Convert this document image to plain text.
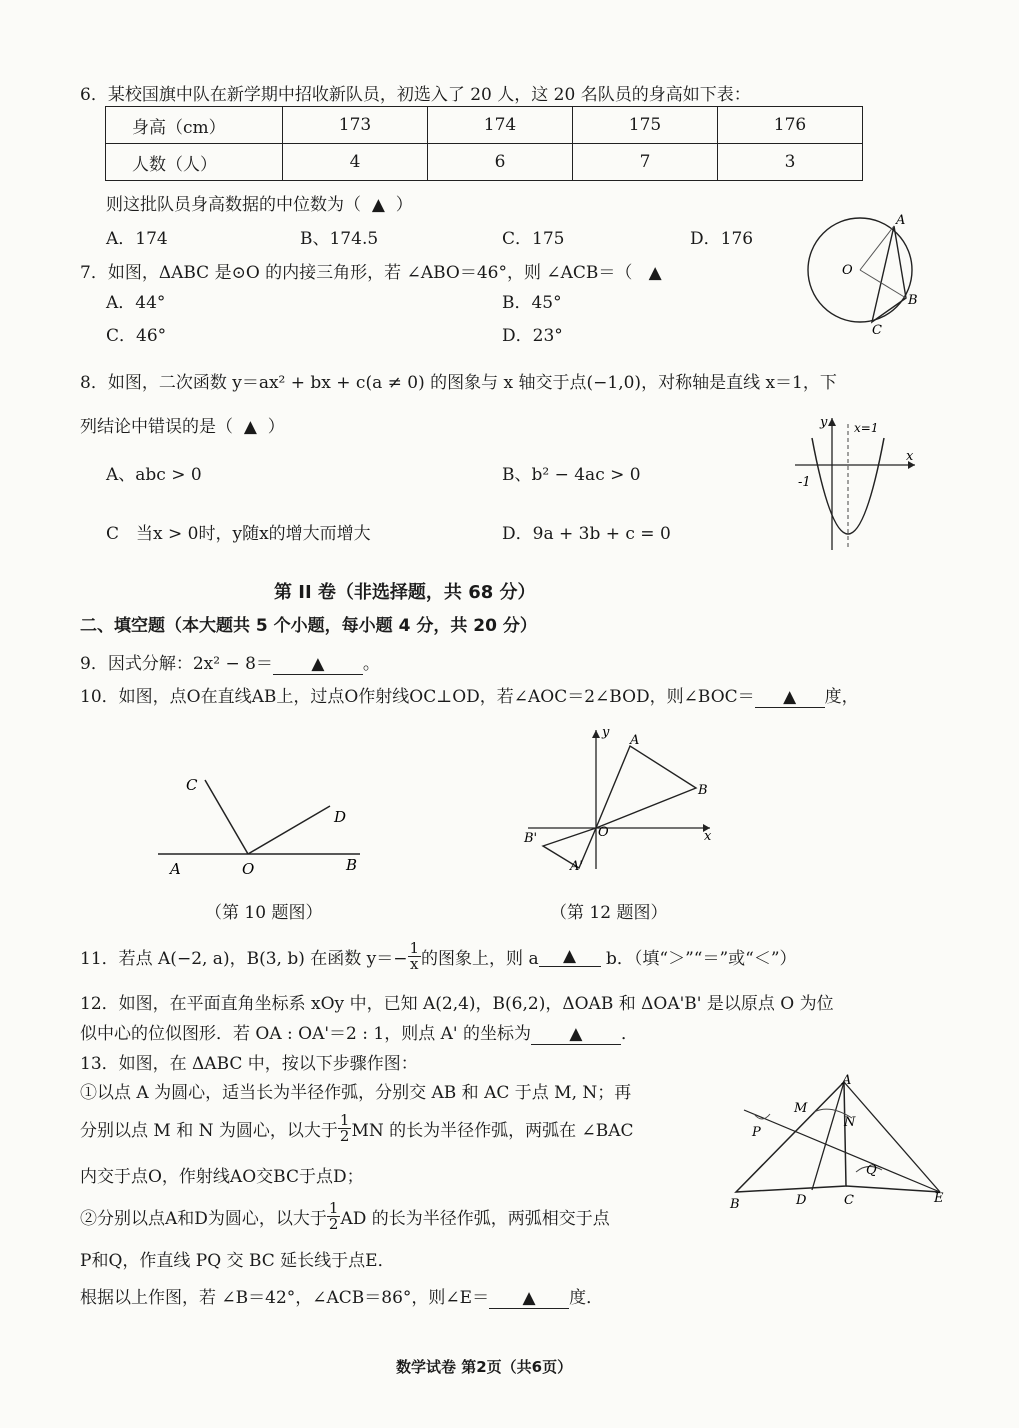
6．某校国旗中队在新学期中招收新队员，初选入了 20 人，这 20 名队员的身高如下表：
身高（cm）	173	174	175	176
人数（人）	4	6	7	3
则这批队员身高数据的中位数为（ ▲ ）
A．174	B、174.5	C．175	D．176
7．如图，ΔABC 是⊙O 的内接三角形，若 ∠ABO＝46°，则 ∠ACB＝（ ▲
A．44°	B．45°
C．46°	D．23°
A
O
B
C
8．如图，二次函数 y＝ax² + bx + c(a ≠ 0) 的图象与 x 轴交于点(−1,0)，对称轴是直线 x＝1，下
列结论中错误的是（ ▲ ）
A、abc > 0	B、b² − 4ac > 0
C　当x > 0时，y随x的增大而增大	D．9a + 3b + c = 0
y x=1
x
-1
第 II 卷（非选择题，共 68 分）
二、填空题（本大题共 5 个小题，每小题 4 分，共 20 分）
9．因式分解：2x² − 8＝ ▲ 。
10．如图，点O在直线AB上，过点O作射线OC⊥OD，若∠AOC＝2∠BOD，则∠BOC＝ ▲ 度，
C
D
A	O	B
（第 10 题图）
y
A
B
O	x
B'
A'
（第 12 题图）
11．若点 A(−2, a)，B(3, b) 在函数 $y=- \frac{1}{x}$ 的图象上，则 a	▲
	b．（填“＞”“＝”或“＜”）
12．如图，在平面直角坐标系 xOy 中，已知 A(2,4)，B(6,2)，ΔOAB 和 ΔOA'B' 是以原点 O 为位
似中心的位似图形．若 OA : OA'＝2 : 1，则点 A' 的坐标为 ▲ ．
13．如图，在 ΔABC 中，按以下步骤作图：
①以点 A 为圆心，适当长为半径作弧，分别交 AB 和 AC 于点 M, N；再
分别以点 M 和 N 为圆心，以大于 $\frac{1}{2}$ MN 的长为半径作弧，两弧在 ∠BAC
内交于点O，作射线AO交BC于点D；
②分别以点A和D为圆心，以大于 $\frac{1}{2}$ AD 的长为半径作弧，两弧相交于点
P和Q，作直线 PQ 交 BC 延长线于点E．
根据以上作图，若 ∠B＝42°，∠ACB＝86°，则∠E＝ ▲ 度．
A
M
N
P
Q
B	D	C	E
数学试卷 第2页（共6页）
